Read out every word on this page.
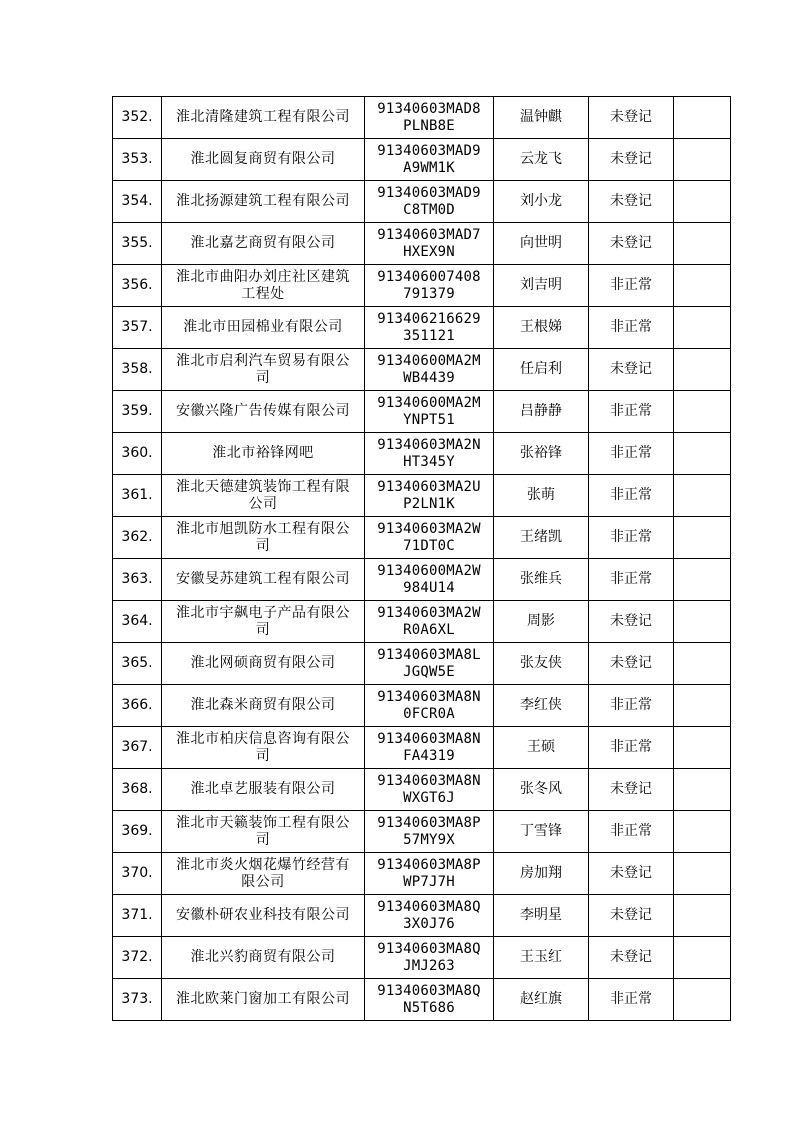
352.	淮北清隆建筑工程有限公司	91340603MAD8PLNB8E	温钟麒	未登记	

353.	淮北圆复商贸有限公司	91340603MAD9A9WM1K	云龙飞	未登记	

354.	淮北扬源建筑工程有限公司	91340603MAD9C8TM0D	刘小龙	未登记	

355.	淮北嘉艺商贸有限公司	91340603MAD7HXEX9N	向世明	未登记	

356.	淮北市曲阳办刘庄社区建筑工程处	913406007408791379	刘吉明	非正常	

357.	淮北市田园棉业有限公司	913406216629351121	王根娣	非正常	

358.	淮北市启利汽车贸易有限公司	91340600MA2MWB4439	任启利	未登记	

359.	安徽兴隆广告传媒有限公司	91340600MA2MYNPT51	吕静静	非正常	

360.	淮北市裕锋网吧	91340603MA2NHT345Y	张裕锋	非正常	

361.	淮北天德建筑装饰工程有限公司	91340603MA2UP2LN1K	张萌	非正常	

362.	淮北市旭凯防水工程有限公司	91340603MA2W71DT0C	王绪凯	非正常	

363.	安徽旻苏建筑工程有限公司	91340600MA2W984U14	张维兵	非正常	

364.	淮北市宇飙电子产品有限公司	91340603MA2WR0A6XL	周影	未登记	

365.	淮北网硕商贸有限公司	91340603MA8LJGQW5E	张友侠	未登记	

366.	淮北森米商贸有限公司	91340603MA8N0FCR0A	李红侠	非正常	

367.	淮北市柏庆信息咨询有限公司	91340603MA8NFA4319	王硕	非正常	

368.	淮北卓艺服装有限公司	91340603MA8NWXGT6J	张冬风	未登记	

369.	淮北市天籁装饰工程有限公司	91340603MA8P57MY9X	丁雪锋	非正常	

370.	淮北市炎火烟花爆竹经营有限公司	91340603MA8PWP7J7H	房加翔	未登记	

371.	安徽朴研农业科技有限公司	91340603MA8Q3X0J76	李明星	未登记	

372.	淮北兴豹商贸有限公司	91340603MA8QJMJ263	王玉红	未登记	

373.	淮北欧莱门窗加工有限公司	91340603MA8QN5T686	赵红旗	非正常	
